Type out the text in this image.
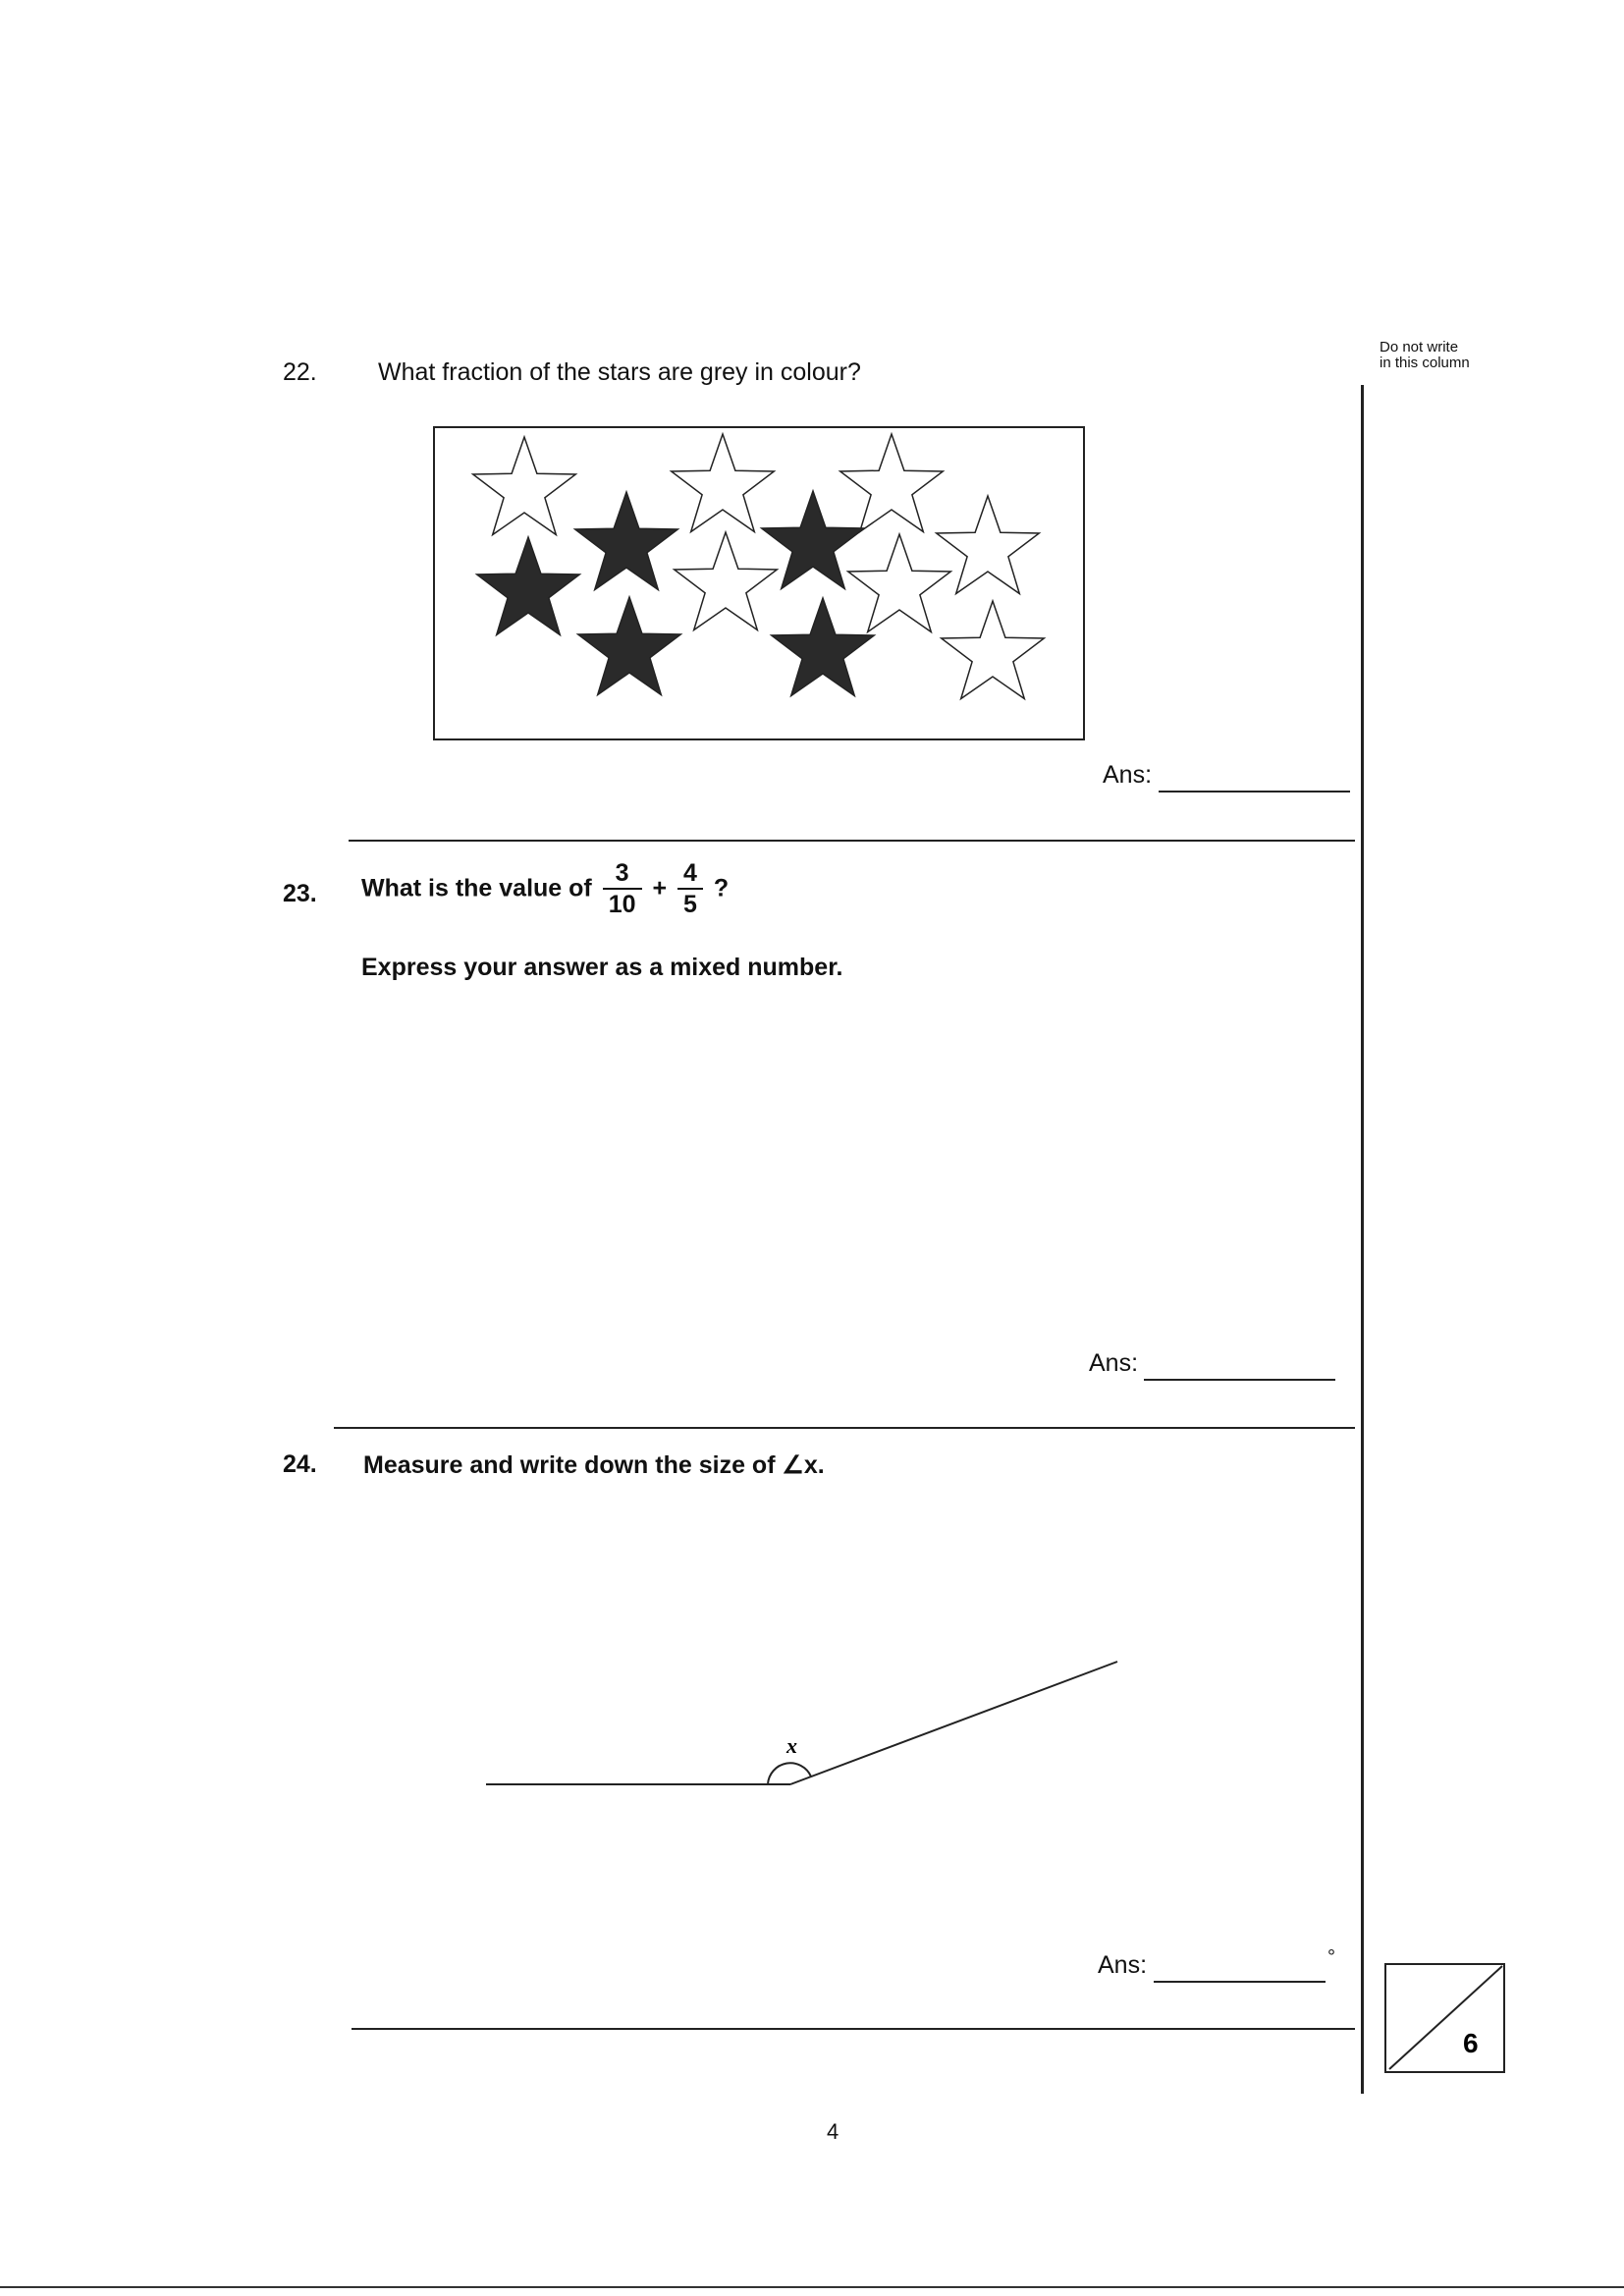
Do not write
in this column
22. What fraction of the stars are grey in colour?
Ans:
23. What is the value of $\frac{3}{10} + \frac{4}{5}$ ?
Express your answer as a mixed number.
Ans:
24. Measure and write down the size of ∠x.
x
Ans:	°
6
4
